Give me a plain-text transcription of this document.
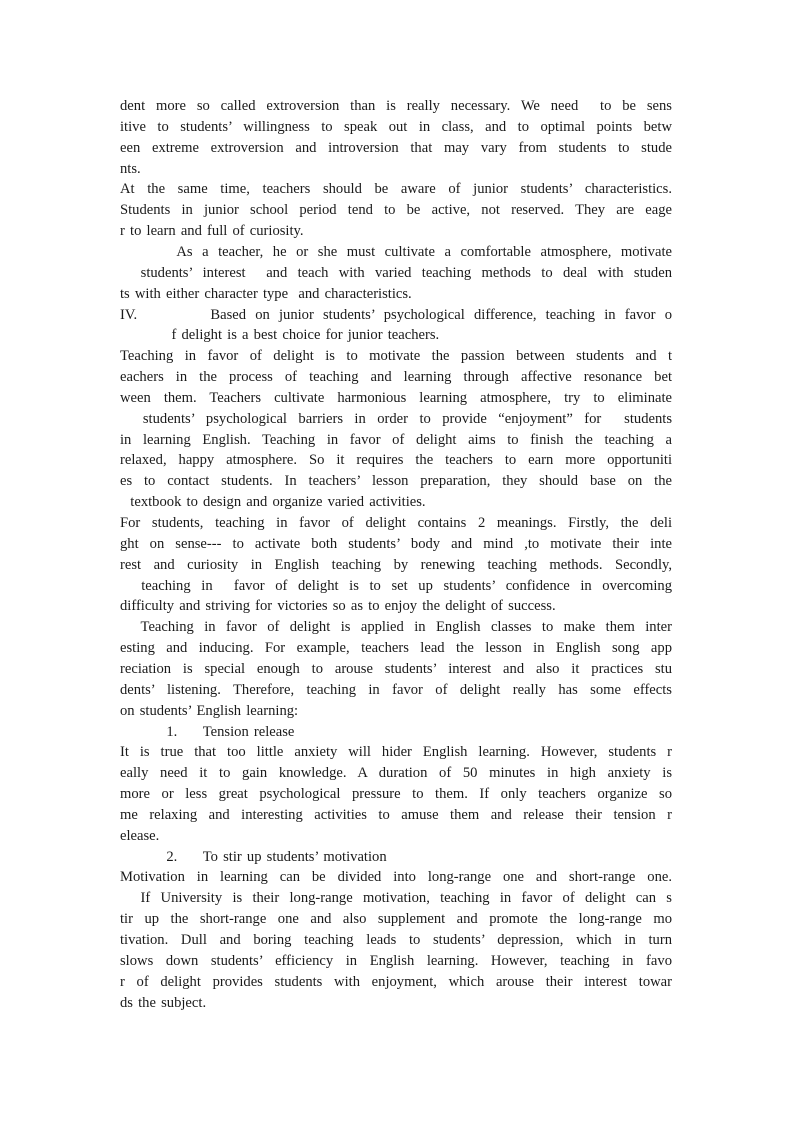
dent more so called extroversion than is really necessary. We need  to be sens
itive to students’ willingness to speak out in class, and to optimal points betw
een extreme extroversion and introversion that may vary from students to stude
nts.
At the same time, teachers should be aware of junior students’ characteristics.
Students in junior school period tend to be active, not reserved. They are eage
r to learn and full of curiosity.
As a teacher, he or she must cultivate a comfortable atmosphere, motivate
students’ interest  and teach with varied teaching methods to deal with studen
ts with either character type  and characteristics.
IV.        Based on junior students’ psychological difference, teaching in favor o
f delight is a best choice for junior teachers.
Teaching in favor of delight is to motivate the passion between students and t
eachers in the process of teaching and learning through affective resonance bet
ween them. Teachers cultivate harmonious learning atmosphere, try to eliminate
students’ psychological barriers in order to provide “enjoyment” for  students
in learning English. Teaching in favor of delight aims to finish the teaching a
relaxed, happy atmosphere. So it requires the teachers to earn more opportuniti
es to contact students. In teachers’ lesson preparation, they should base on the
textbook to design and organize varied activities.
For students, teaching in favor of delight contains 2 meanings. Firstly, the deli
ght on sense--- to activate both students’ body and mind ,to motivate their inte
rest and curiosity in English teaching by renewing teaching methods. Secondly,
teaching in  favor of delight is to set up students’ confidence in overcoming
difficulty and striving for victories so as to enjoy the delight of success.
Teaching in favor of delight is applied in English classes to make them inter
esting and inducing. For example, teachers lead the lesson in English song app
reciation is special enough to arouse students’ interest and also it practices stu
dents’ listening. Therefore, teaching in favor of delight really has some effects
on students’ English learning:
1.     Tension release
It is true that too little anxiety will hider English learning. However, students r
eally need it to gain knowledge. A duration of 50 minutes in high anxiety is
more or less great psychological pressure to them. If only teachers organize so
me relaxing and interesting activities to amuse them and release their tension r
elease.
2.     To stir up students’ motivation
Motivation in learning can be divided into long-range one and short-range one.
If University is their long-range motivation, teaching in favor of delight can s
tir up the short-range one and also supplement and promote the long-range mo
tivation. Dull and boring teaching leads to students’ depression, which in turn
slows down students’ efficiency in English learning. However, teaching in favo
r of delight provides students with enjoyment, which arouse their interest towar
ds the subject.
